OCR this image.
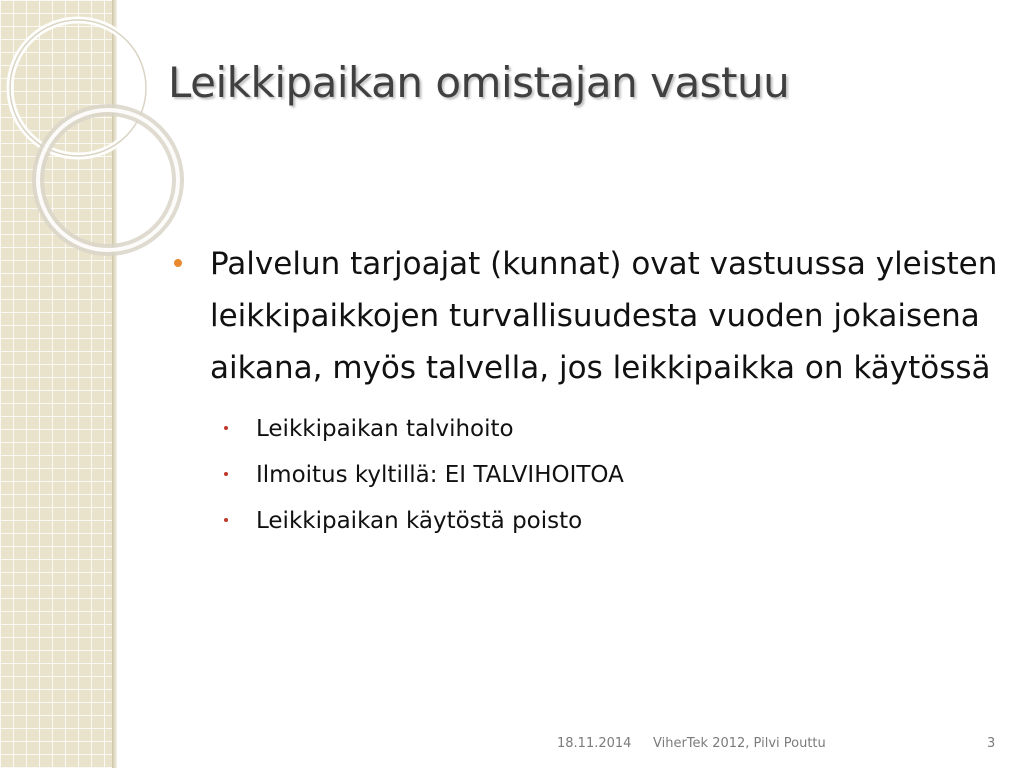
Leikkipaikan omistajan vastuu
Palvelun tarjoajat (kunnat) ovat vastuussa yleisten leikkipaikkojen turvallisuudesta vuoden jokaisena aikana, myös talvella, jos leikkipaikka on käytössä
Leikkipaikan talvihoito
Ilmoitus kyltillä: EI TALVIHOITOA
Leikkipaikan käytöstä poisto
18.11.2014 ViherTek 2012, Pilvi Pouttu	3
